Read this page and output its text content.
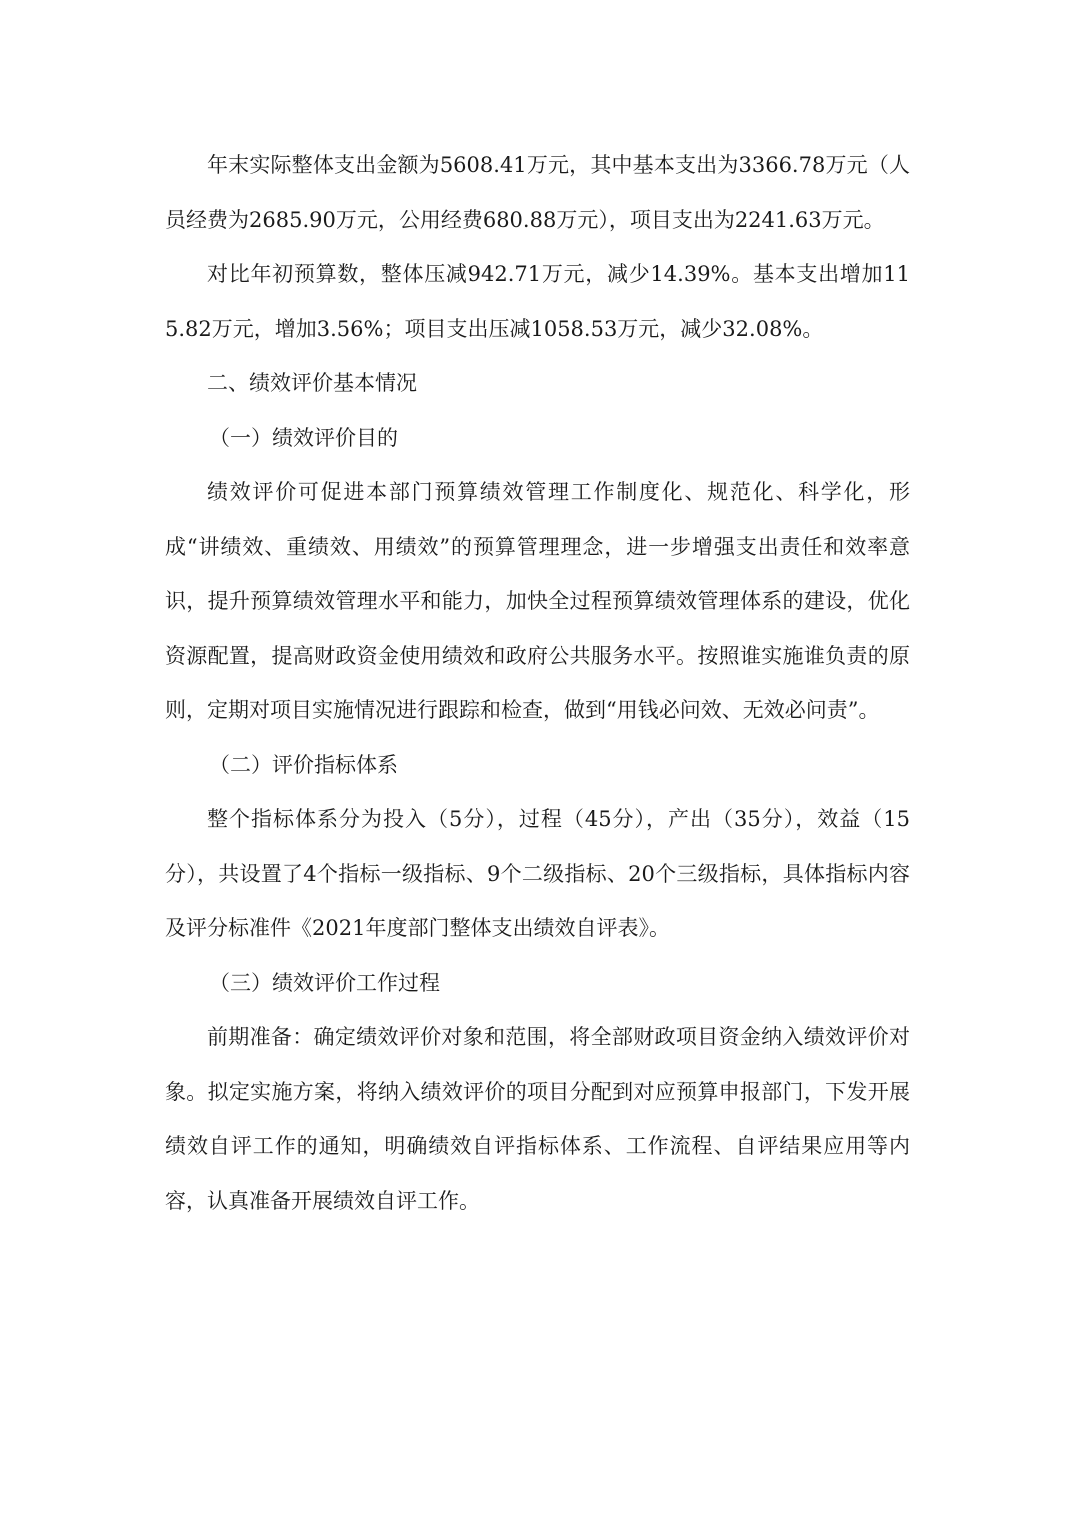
年末实际整体支出金额为5608.41万元，其中基本支出为3366.78万元（人员经费为2685.90万元，公用经费680.88万元），项目支出为2241.63万元。

对比年初预算数，整体压减942.71万元，减少14.39%。基本支出增加115.82万元，增加3.56%；项目支出压减1058.53万元，减少32.08%。

二、绩效评价基本情况

（一）绩效评价目的

绩效评价可促进本部门预算绩效管理工作制度化、规范化、科学化，形成“讲绩效、重绩效、用绩效”的预算管理理念，进一步增强支出责任和效率意识，提升预算绩效管理水平和能力，加快全过程预算绩效管理体系的建设，优化资源配置，提高财政资金使用绩效和政府公共服务水平。按照谁实施谁负责的原则，定期对项目实施情况进行跟踪和检查，做到“用钱必问效、无效必问责”。

（二）评价指标体系

整个指标体系分为投入（5分），过程（45分），产出（35分），效益（15分），共设置了4个指标一级指标、9个二级指标、20个三级指标，具体指标内容及评分标准件《2021年度部门整体支出绩效自评表》。

（三）绩效评价工作过程

前期准备：确定绩效评价对象和范围，将全部财政项目资金纳入绩效评价对象。拟定实施方案，将纳入绩效评价的项目分配到对应预算申报部门，下发开展绩效自评工作的通知，明确绩效自评指标体系、工作流程、自评结果应用等内容，认真准备开展绩效自评工作。
